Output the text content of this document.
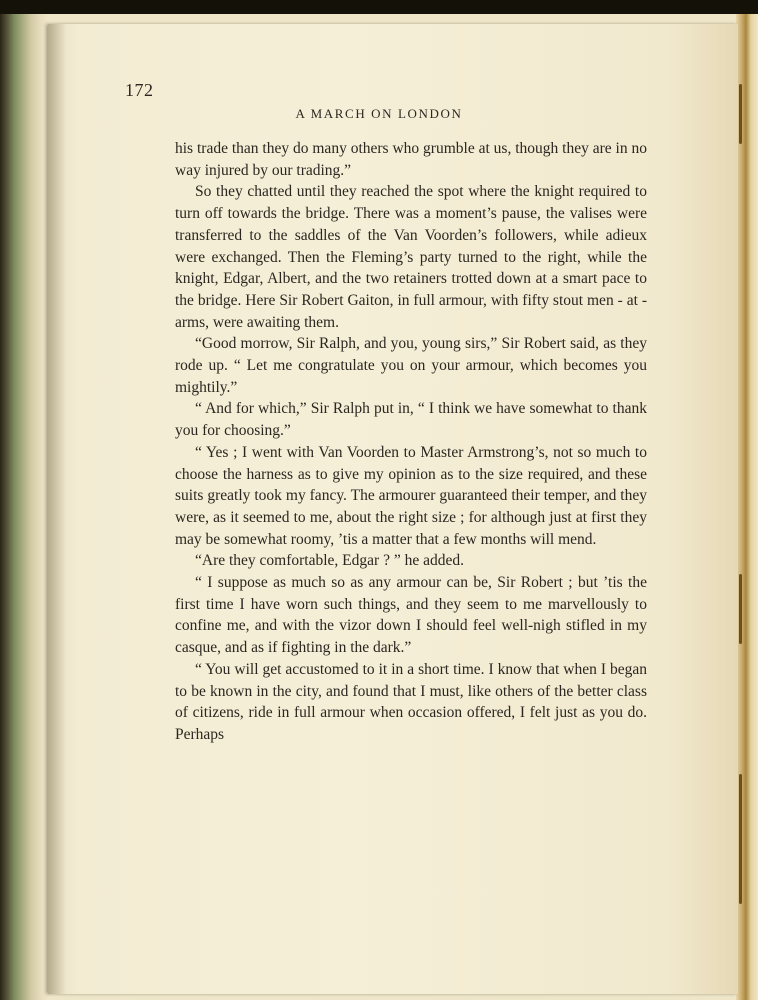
172
A MARCH ON LONDON

his trade than they do many others who grumble at us, though they are in no way injured by our trading.”

So they chatted until they reached the spot where the knight required to turn off towards the bridge. There was a moment’s pause, the valises were transferred to the saddles of the Van Voorden’s followers, while adieux were exchanged. Then the Fleming’s party turned to the right, while the knight, Edgar, Albert, and the two retainers trotted down at a smart pace to the bridge. Here Sir Robert Gaiton, in full armour, with fifty stout men - at - arms, were awaiting them.

“Good morrow, Sir Ralph, and you, young sirs,” Sir Robert said, as they rode up. “ Let me congratulate you on your armour, which becomes you mightily.”

“ And for which,” Sir Ralph put in, “ I think we have somewhat to thank you for choosing.”

“ Yes ; I went with Van Voorden to Master Armstrong’s, not so much to choose the harness as to give my opinion as to the size required, and these suits greatly took my fancy. The armourer guaranteed their temper, and they were, as it seemed to me, about the right size ; for although just at first they may be somewhat roomy, ’tis a matter that a few months will mend.

“Are they comfortable, Edgar ? ” he added.

“ I suppose as much so as any armour can be, Sir Robert ; but ’tis the first time I have worn such things, and they seem to me marvellously to confine me, and with the vizor down I should feel well-nigh stifled in my casque, and as if fighting in the dark.”

“ You will get accustomed to it in a short time. I know that when I began to be known in the city, and found that I must, like others of the better class of citizens, ride in full armour when occasion offered, I felt just as you do. Perhaps
